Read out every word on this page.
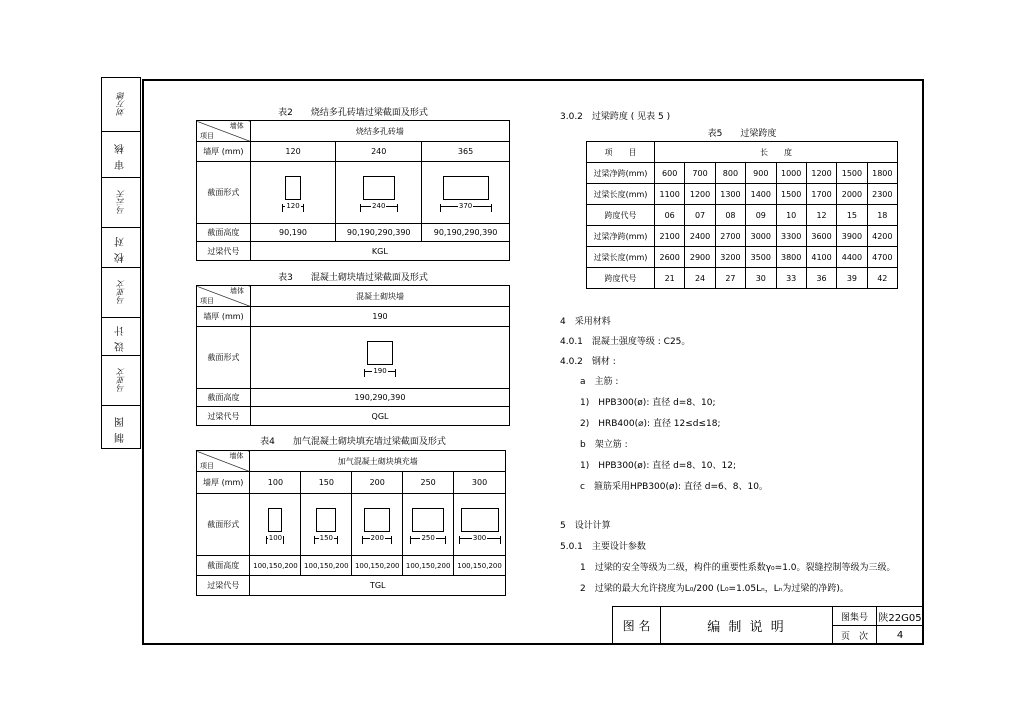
刘万德
审核
马云天
校对
马亚文
设计
马亚文
制图
表2　　烧结多孔砖墙过梁截面及形式
墙体
项目	烧结多孔砖墙		
墙厚 (mm)	120	240	365
截面形式	120	240	370

截面高度	90,190	90,190,290,390	90,190,290,390
过梁代号	KGL		
表3　　混凝土砌块墙过梁截面及形式
墙体
项目	混凝土砌块墙
墙厚 (mm)	190
截面形式	190

截面高度	190,290,390
过梁代号	QGL
表4　　加气混凝土砌块填充墙过梁截面及形式
墙体
项目	加气混凝土砌块填充墙				
墙厚 (mm)	100	150	200	250	300
截面形式	100	150	200	250	300

截面高度	100,150,200	100,150,200	100,150,200	100,150,200	100,150,200
过梁代号	TGL				
3.0.2　过梁跨度 ( 见表 5 )
表5　　过梁跨度
项　　目	长　　度							
过梁净跨(mm)	600	700	800	900	1000	1200	1500	1800
过梁长度(mm)	1100	1200	1300	1400	1500	1700	2000	2300
跨度代号	06	07	08	09	10	12	15	18
过梁净跨(mm)	2100	2400	2700	3000	3300	3600	3900	4200
过梁长度(mm)	2600	2900	3200	3500	3800	4100	4400	4700
跨度代号	21	24	27	30	33	36	39	42
4　采用材料
4.0.1　混凝土强度等级 : C25。
4.0.2　钢材 :
a　主筋 :
1)　HPB300(ø): 直径 d=8、10;
2)　HRB400(⌀): 直径 12≤d≤18;
b　架立筋 :
1)　HPB300(ø): 直径 d=8、10、12;
c　箍筋采用HPB300(ø): 直径 d=6、8、10。
5　设计计算
5.0.1　主要设计参数
1　过梁的安全等级为二级，构件的重要性系数γ₀=1.0。裂缝控制等级为三级。
2　过梁的最大允许挠度为L₀/200 (L₀=1.05Lₙ，Lₙ为过梁的净跨)。
图 名	编 制 说 明	图集号	陕22G05
		页　次	4
